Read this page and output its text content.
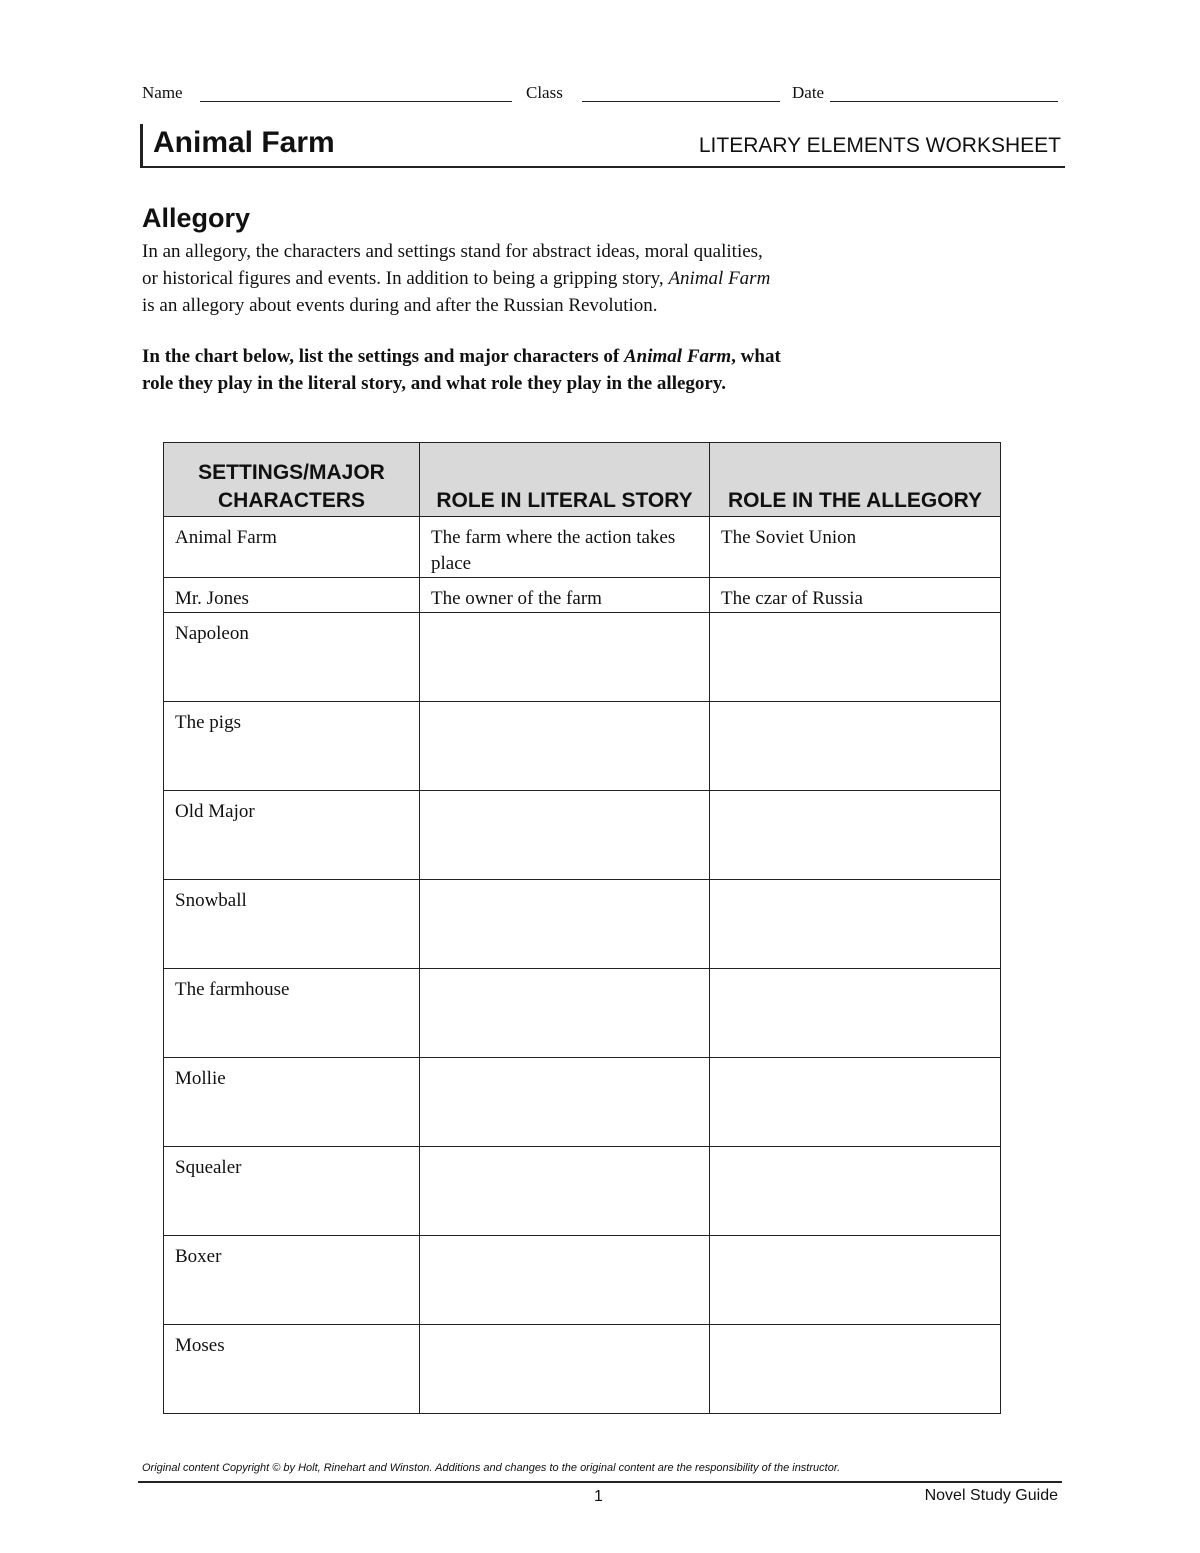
Name	Class	Date
Animal Farm	LITERARY ELEMENTS WORKSHEET
Allegory
In an allegory, the characters and settings stand for abstract ideas, moral qualities,
or historical figures and events. In addition to being a gripping story, Animal Farm
is an allegory about events during and after the Russian Revolution.
In the chart below, list the settings and major characters of Animal Farm, what
role they play in the literal story, and what role they play in the allegory.
SETTINGS/MAJOR CHARACTERS	ROLE IN LITERAL STORY	ROLE IN THE ALLEGORY
Animal Farm	The farm where the action takes place	The Soviet Union
Mr. Jones	The owner of the farm	The czar of Russia
Napoleon		
The pigs		
Old Major		
Snowball		
The farmhouse		
Mollie		
Squealer		
Boxer		
Moses		
Original content Copyright © by Holt, Rinehart and Winston. Additions and changes to the original content are the responsibility of the instructor.
1	Novel Study Guide
